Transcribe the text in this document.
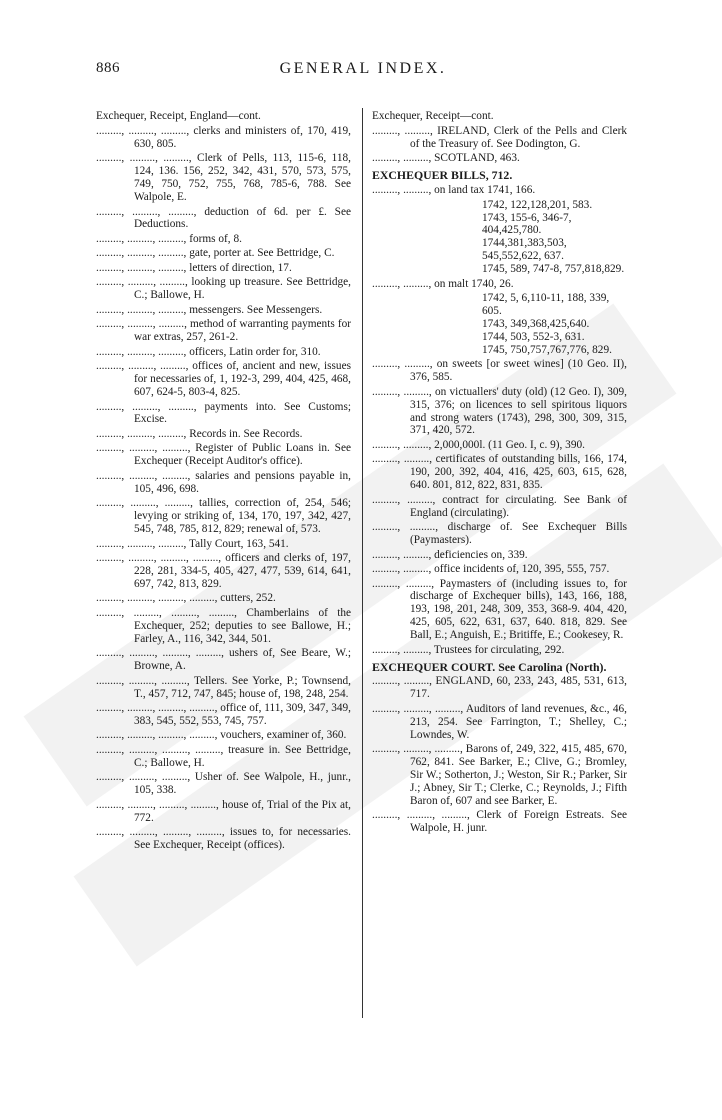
886	GENERAL INDEX.
Exchequer, Receipt, England—cont.
........., ........., ........., clerks and ministers of, 170, 419, 630, 805.
........., ........., ........., Clerk of Pells, 113, 115-6, 118, 124, 136. 156, 252, 342, 431, 570, 573, 575, 749, 750, 752, 755, 768, 785-6, 788. See Walpole, E.
........., ........., ........., deduction of 6d. per £. See Deductions.
........., ........., ........., forms of, 8.
........., ........., ........., gate, porter at. See Bettridge, C.
........., ........., ........., letters of direction, 17.
........., ........., ........., looking up treasure. See Bettridge, C.; Ballowe, H.
........., ........., ........., messengers. See Messengers.
........., ........., ........., method of warranting payments for war extras, 257, 261-2.
........., ........., ........., officers, Latin order for, 310.
........., ........., ........., offices of, ancient and new, issues for necessaries of, 1, 192-3, 299, 404, 425, 468, 607, 624-5, 803-4, 825.
........., ........., ........., payments into. See Customs; Excise.
........., ........., ........., Records in. See Records.
........., ........., ........., Register of Public Loans in. See Exchequer (Receipt Auditor's office).
........., ........., ........., salaries and pensions payable in, 105, 496, 698.
........., ........., ........., tallies, correction of, 254, 546; levying or striking of, 134, 170, 197, 342, 427, 545, 748, 785, 812, 829; renewal of, 573.
........., ........., ........., Tally Court, 163, 541.
........., ........., ........., ........., officers and clerks of, 197, 228, 281, 334-5, 405, 427, 477, 539, 614, 641, 697, 742, 813, 829.
........., ........., ........., ........., cutters, 252.
........., ........., ........., ........., Chamberlains of the Exchequer, 252; deputies to see Ballowe, H.; Farley, A., 116, 342, 344, 501.
........., ........., ........., ........., ushers of, See Beare, W.; Browne, A.
........., ........., ........., Tellers. See Yorke, P.; Townsend, T., 457, 712, 747, 845; house of, 198, 248, 254.
........., ........., ........., ........., office of, 111, 309, 347, 349, 383, 545, 552, 553, 745, 757.
........., ........., ........., ........., vouchers, examiner of, 360.
........., ........., ........., ........., treasure in. See Bettridge, C.; Ballowe, H.
........., ........., ........., Usher of. See Walpole, H., junr., 105, 338.
........., ........., ........., ........., house of, Trial of the Pix at, 772.
........., ........., ........., ........., issues to, for necessaries. See Exchequer, Receipt (offices).
Exchequer, Receipt—cont.
........., ........., IRELAND, Clerk of the Pells and Clerk of the Treasury of. See Dodington, G.
........., ........., SCOTLAND, 463.
EXCHEQUER BILLS, 712.
........., ........., on land tax 1741, 166.
1742, 122,128,201, 583.
1743, 155-6, 346-7, 404,425,780.
1744,381,383,503, 545,552,622, 637.
1745, 589, 747-8, 757,818,829.
........., ........., on malt 1740, 26.
1742, 5, 6,110-11, 188, 339, 605.
1743, 349,368,425,640.
1744, 503, 552-3, 631.
1745, 750,757,767,776, 829.
........., ........., on sweets [or sweet wines] (10 Geo. II), 376, 585.
........., ........., on victuallers' duty (old) (12 Geo. I), 309, 315, 376; on licences to sell spiritous liquors and strong waters (1743), 298, 300, 309, 315, 371, 420, 572.
........., ........., 2,000,000l. (11 Geo. I, c. 9), 390.
........., ........., certificates of outstanding bills, 166, 174, 190, 200, 392, 404, 416, 425, 603, 615, 628, 640. 801, 812, 822, 831, 835.
........., ........., contract for circulating. See Bank of England (circulating).
........., ........., discharge of. See Exchequer Bills (Paymasters).
........., ........., deficiencies on, 339.
........., ........., office incidents of, 120, 395, 555, 757.
........., ........., Paymasters of (including issues to, for discharge of Exchequer bills), 143, 166, 188, 193, 198, 201, 248, 309, 353, 368-9. 404, 420, 425, 605, 622, 631, 637, 640. 818, 829. See Ball, E.; Anguish, E.; Britiffe, E.; Cookesey, R.
........., ........., Trustees for circulating, 292.
EXCHEQUER COURT. See Carolina (North).
........., ........., ENGLAND, 60, 233, 243, 485, 531, 613, 717.
........., ........., ........., Auditors of land revenues, &c., 46, 213, 254. See Farrington, T.; Shelley, C.; Lowndes, W.
........., ........., ........., Barons of, 249, 322, 415, 485, 670, 762, 841. See Barker, E.; Clive, G.; Bromley, Sir W.; Sotherton, J.; Weston, Sir R.; Parker, Sir J.; Abney, Sir T.; Clerke, C.; Reynolds, J.; Fifth Baron of, 607 and see Barker, E.
........., ........., ........., Clerk of Foreign Estreats. See Walpole, H. junr.
